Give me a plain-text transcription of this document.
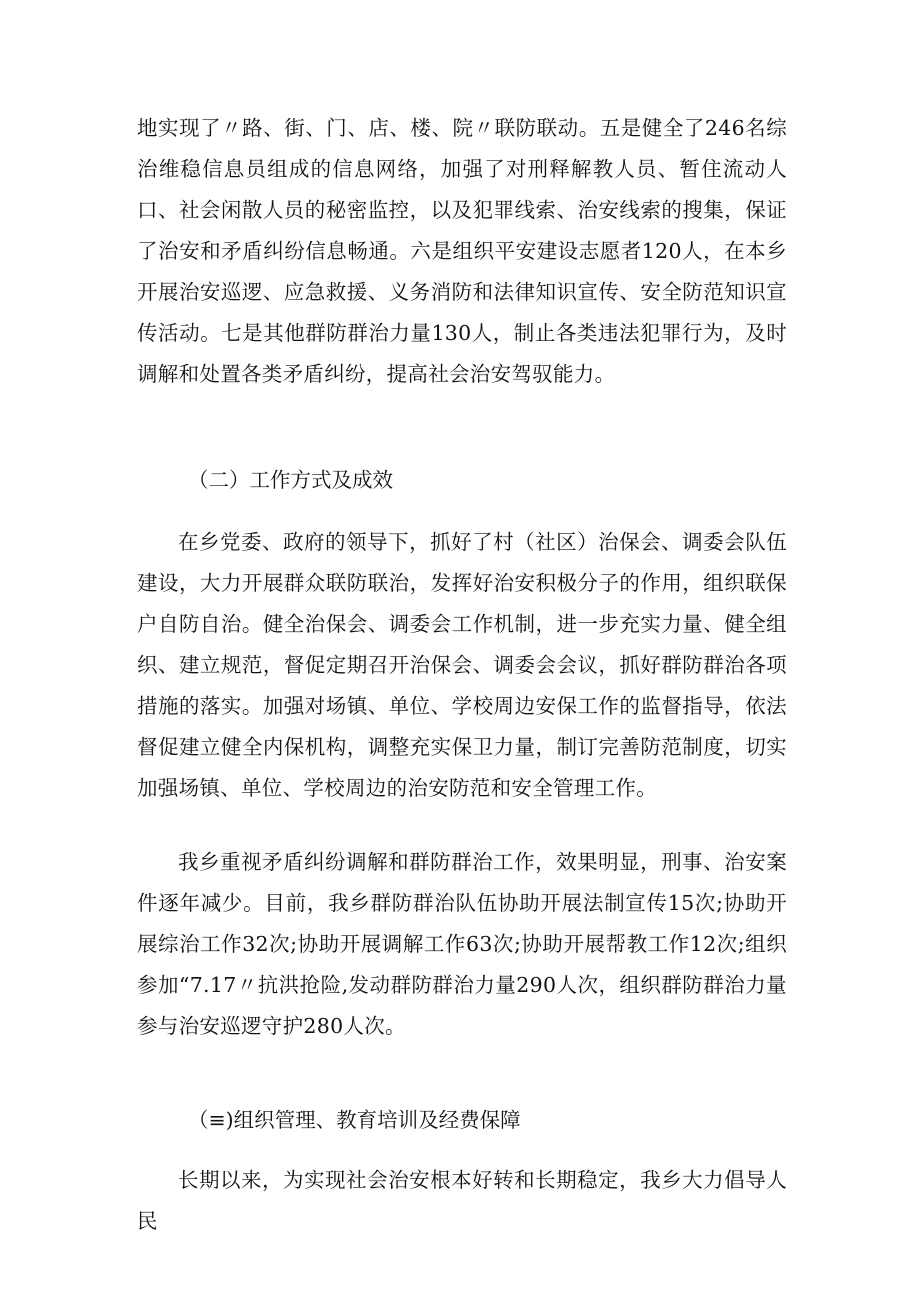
地实现了〃路、街、门、店、楼、院〃联防联动。五是健全了246名综治维稳信息员组成的信息网络，加强了对刑释解教人员、暂住流动人口、社会闲散人员的秘密监控，以及犯罪线索、治安线索的搜集，保证了治安和矛盾纠纷信息畅通。六是组织平安建设志愿者120人，在本乡开展治安巡逻、应急救援、义务消防和法律知识宣传、安全防范知识宣传活动。七是其他群防群治力量130人，制止各类违法犯罪行为，及时调解和处置各类矛盾纠纷，提高社会治安驾驭能力。

（二）工作方式及成效

在乡党委、政府的领导下，抓好了村（社区）治保会、调委会队伍建设，大力开展群众联防联治，发挥好治安积极分子的作用，组织联保户自防自治。健全治保会、调委会工作机制，进一步充实力量、健全组织、建立规范，督促定期召开治保会、调委会会议，抓好群防群治各项措施的落实。加强对场镇、单位、学校周边安保工作的监督指导，依法督促建立健全内保机构，调整充实保卫力量，制订完善防范制度，切实加强场镇、单位、学校周边的治安防范和安全管理工作。

我乡重视矛盾纠纷调解和群防群治工作，效果明显，刑事、治安案件逐年减少。目前，我乡群防群治队伍协助开展法制宣传15次;协助开展综治工作32次;协助开展调解工作63次;协助开展帮教工作12次;组织参加“7.17〃抗洪抢险,发动群防群治力量290人次，组织群防群治力量参与治安巡逻守护280人次。

（≡)组织管理、教育培训及经费保障

长期以来，为实现社会治安根本好转和长期稳定，我乡大力倡导人民
